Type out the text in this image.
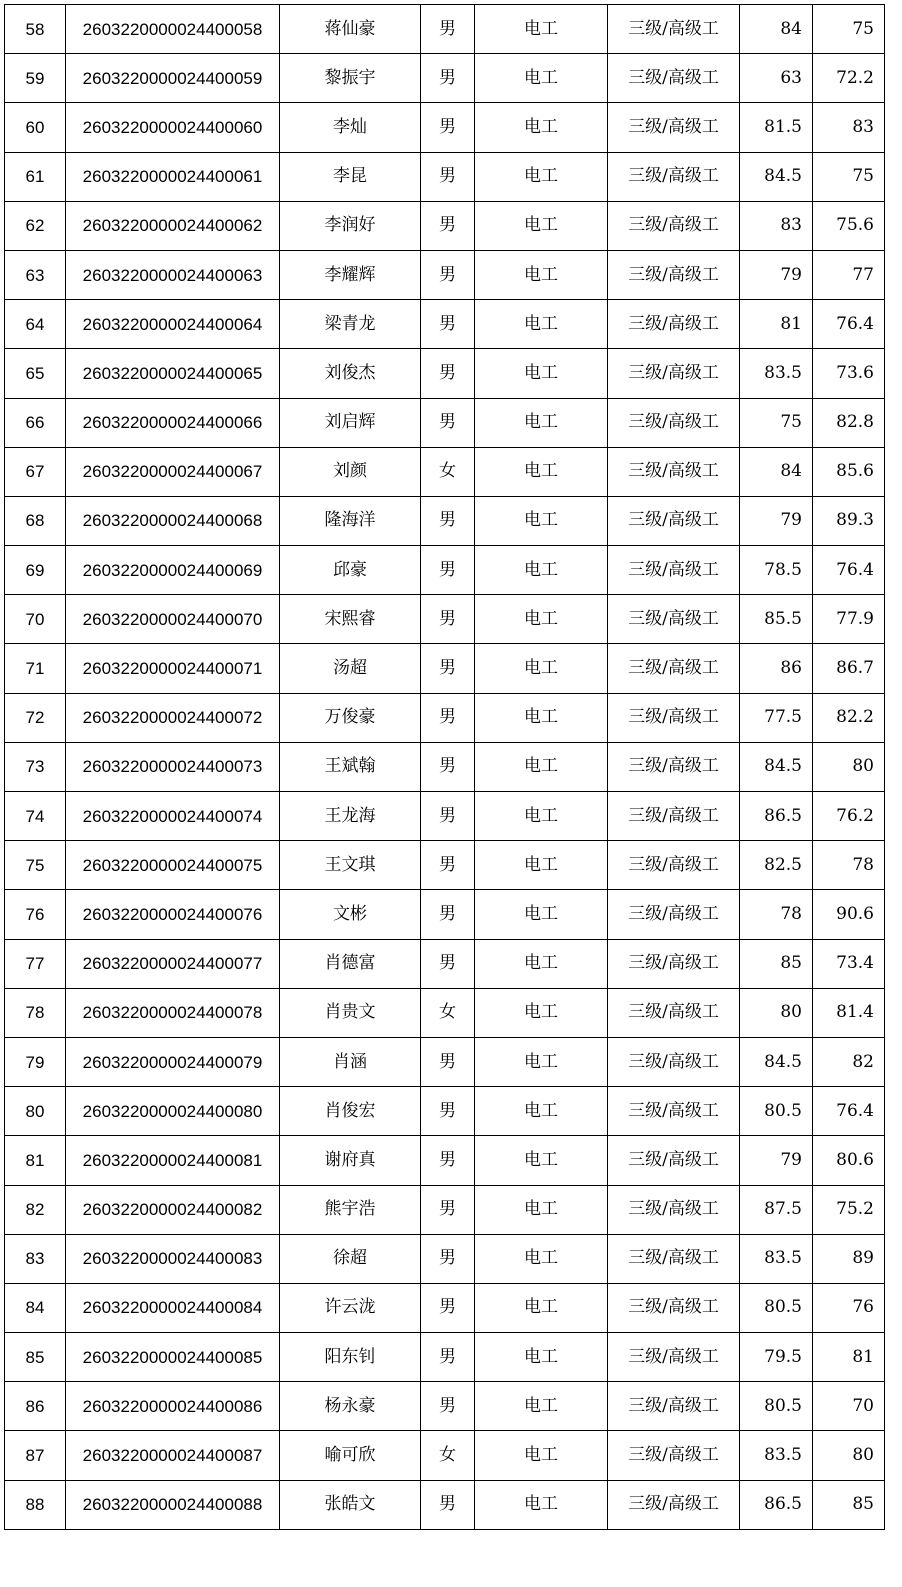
58	2603220000024400058	蒋仙豪	男	电工	三级/高级工	84	75
59	2603220000024400059	黎振宇	男	电工	三级/高级工	63	72.2
60	2603220000024400060	李灿	男	电工	三级/高级工	81.5	83
61	2603220000024400061	李昆	男	电工	三级/高级工	84.5	75
62	2603220000024400062	李润好	男	电工	三级/高级工	83	75.6
63	2603220000024400063	李耀辉	男	电工	三级/高级工	79	77
64	2603220000024400064	梁青龙	男	电工	三级/高级工	81	76.4
65	2603220000024400065	刘俊杰	男	电工	三级/高级工	83.5	73.6
66	2603220000024400066	刘启辉	男	电工	三级/高级工	75	82.8
67	2603220000024400067	刘颜	女	电工	三级/高级工	84	85.6
68	2603220000024400068	隆海洋	男	电工	三级/高级工	79	89.3
69	2603220000024400069	邱豪	男	电工	三级/高级工	78.5	76.4
70	2603220000024400070	宋熙睿	男	电工	三级/高级工	85.5	77.9
71	2603220000024400071	汤超	男	电工	三级/高级工	86	86.7
72	2603220000024400072	万俊豪	男	电工	三级/高级工	77.5	82.2
73	2603220000024400073	王斌翰	男	电工	三级/高级工	84.5	80
74	2603220000024400074	王龙海	男	电工	三级/高级工	86.5	76.2
75	2603220000024400075	王文琪	男	电工	三级/高级工	82.5	78
76	2603220000024400076	文彬	男	电工	三级/高级工	78	90.6
77	2603220000024400077	肖德富	男	电工	三级/高级工	85	73.4
78	2603220000024400078	肖贵文	女	电工	三级/高级工	80	81.4
79	2603220000024400079	肖涵	男	电工	三级/高级工	84.5	82
80	2603220000024400080	肖俊宏	男	电工	三级/高级工	80.5	76.4
81	2603220000024400081	谢府真	男	电工	三级/高级工	79	80.6
82	2603220000024400082	熊宇浩	男	电工	三级/高级工	87.5	75.2
83	2603220000024400083	徐超	男	电工	三级/高级工	83.5	89
84	2603220000024400084	许云泷	男	电工	三级/高级工	80.5	76
85	2603220000024400085	阳东钊	男	电工	三级/高级工	79.5	81
86	2603220000024400086	杨永豪	男	电工	三级/高级工	80.5	70
87	2603220000024400087	喻可欣	女	电工	三级/高级工	83.5	80
88	2603220000024400088	张皓文	男	电工	三级/高级工	86.5	85
